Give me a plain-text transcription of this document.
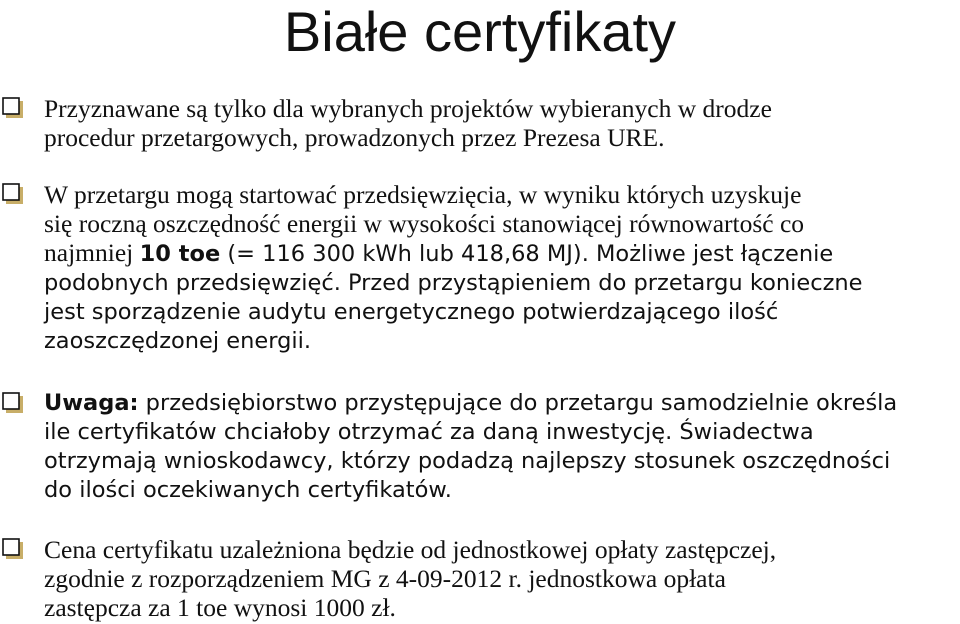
Białe certyfikaty
Przyznawane są tylko dla wybranych projektów wybieranych w drodze
procedur przetargowych, prowadzonych przez Prezesa URE.
W przetargu mogą startować przedsięwzięcia, w wyniku których uzyskuje
się roczną oszczędność energii w wysokości stanowiącej równowartość co
najmniej 10 toe (= 116 300 kWh lub 418,68 MJ). Możliwe jest łączenie
podobnych przedsięwzięć. Przed przystąpieniem do przetargu konieczne
jest sporządzenie audytu energetycznego potwierdzającego ilość
zaoszczędzonej energii.
Uwaga: przedsiębiorstwo przystępujące do przetargu samodzielnie określa
ile certyfikatów chciałoby otrzymać za daną inwestycję. Świadectwa
otrzymają wnioskodawcy, którzy podadzą najlepszy stosunek oszczędności
do ilości oczekiwanych certyfikatów.
Cena certyfikatu uzależniona będzie od jednostkowej opłaty zastępczej,
zgodnie z rozporządzeniem MG z 4-09-2012 r. jednostkowa opłata
zastępcza za 1 toe wynosi 1000 zł.
